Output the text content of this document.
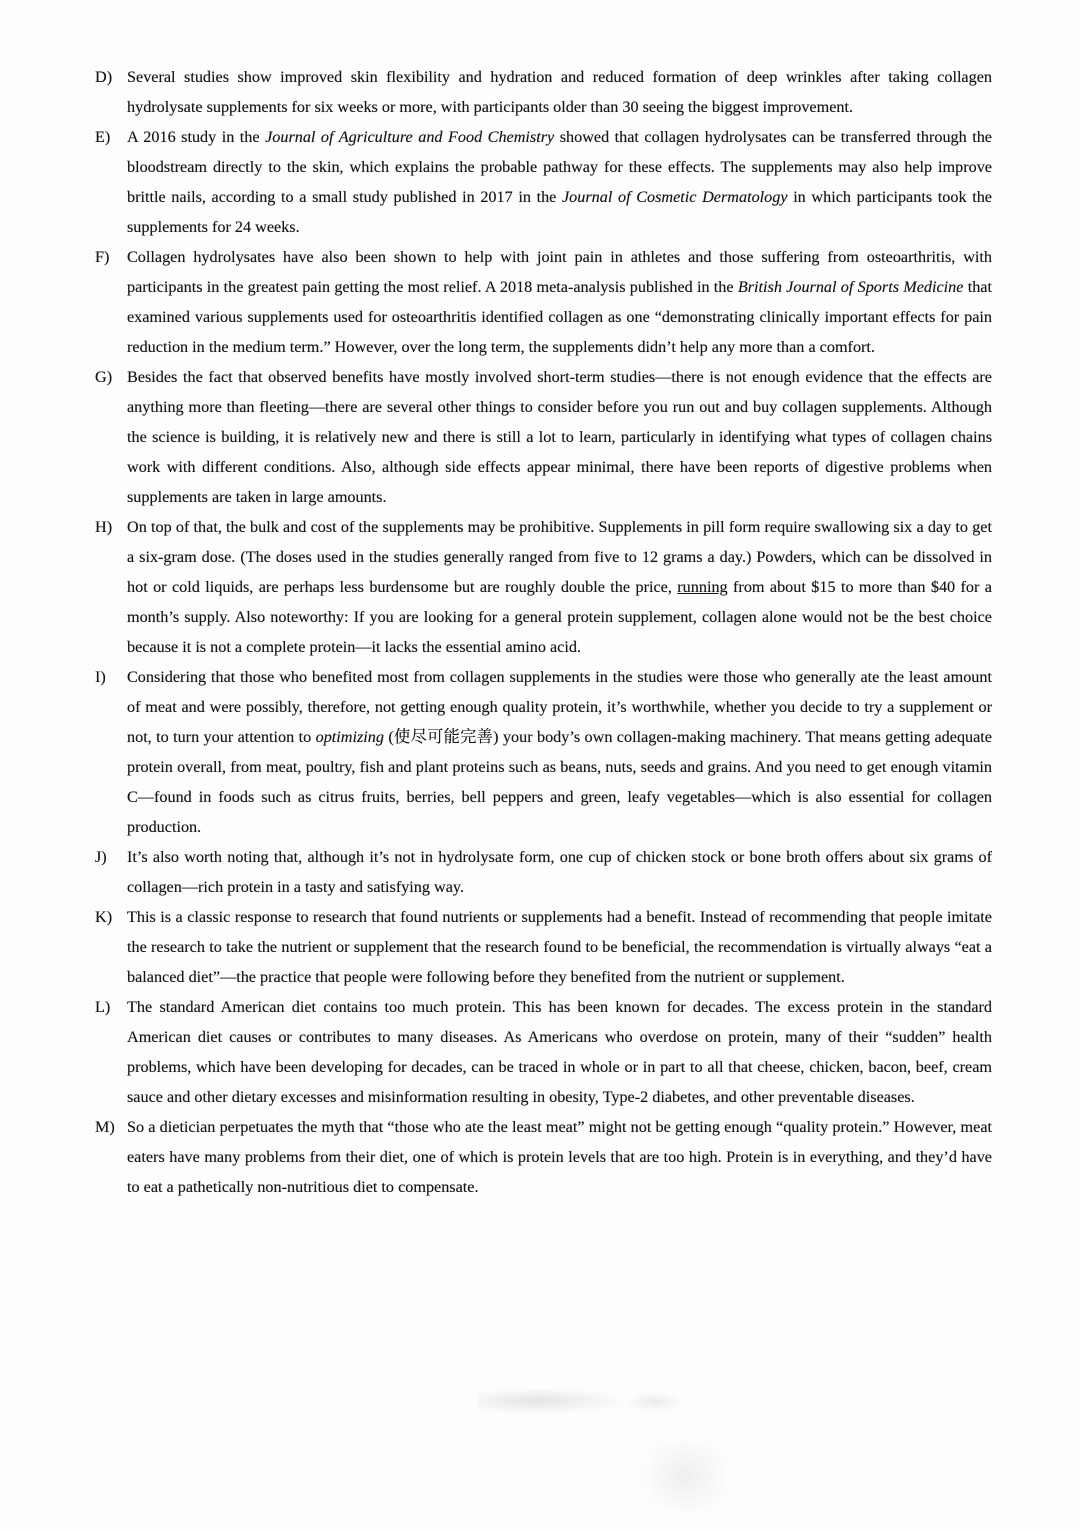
D) Several studies show improved skin flexibility and hydration and reduced formation of deep wrinkles after taking collagen hydrolysate supplements for six weeks or more, with participants older than 30 seeing the biggest improvement.
E)	A 2016 study in the Journal of Agriculture and Food Chemistry showed that collagen hydrolysates can be transferred through the bloodstream directly to the skin, which explains the probable pathway for these effects. The supplements may also help improve brittle nails, according to a small study published in 2017 in the Journal of Cosmetic Dermatology in which participants took the supplements for 24 weeks.
F)	Collagen hydrolysates have also been shown to help with joint pain in athletes and those suffering from osteoarthritis, with participants in the greatest pain getting the most relief. A 2018 meta-analysis published in the British Journal of Sports Medicine that examined various supplements used for osteoarthritis identified collagen as one “demonstrating clinically important effects for pain reduction in the medium term.” However, over the long term, the supplements didn’t help any more than a comfort.
G) Besides the fact that observed benefits have mostly involved short-term studies—there is not enough evidence that the effects are anything more than fleeting—there are several other things to consider before you run out and buy collagen supplements. Although the science is building, it is relatively new and there is still a lot to learn, particularly in identifying what types of collagen chains work with different conditions. Also, although side effects appear minimal, there have been reports of digestive problems when supplements are taken in large amounts.
H) On top of that, the bulk and cost of the supplements may be prohibitive. Supplements in pill form require swallowing six a day to get a six-gram dose. (The doses used in the studies generally ranged from five to 12 grams a day.) Powders, which can be dissolved in hot or cold liquids, are perhaps less burdensome but are roughly double the price, running from about $15 to more than $40 for a month’s supply. Also noteworthy: If you are looking for a general protein supplement, collagen alone would not be the best choice because it is not a complete protein—it lacks the essential amino acid.
I)	Considering that those who benefited most from collagen supplements in the studies were those who generally ate the least amount of meat and were possibly, therefore, not getting enough quality protein, it’s worthwhile, whether you decide to try a supplement or not, to turn your attention to optimizing (使尽可能完善) your body’s own collagen-making machinery. That means getting adequate protein overall, from meat, poultry, fish and plant proteins such as beans, nuts, seeds and grains. And you need to get enough vitamin C—found in foods such as citrus fruits, berries, bell peppers and green, leafy vegetables—which is also essential for collagen production.
J)	It’s also worth noting that, although it’s not in hydrolysate form, one cup of chicken stock or bone broth offers about six grams of collagen—rich protein in a tasty and satisfying way.
K) This is a classic response to research that found nutrients or supplements had a benefit. Instead of recommending that people imitate the research to take the nutrient or supplement that the research found to be beneficial, the recommendation is virtually always “eat a balanced diet”—the practice that people were following before they benefited from the nutrient or supplement.
L)	The standard American diet contains too much protein. This has been known for decades. The excess protein in the standard American diet causes or contributes to many diseases. As Americans who overdose on protein, many of their “sudden” health problems, which have been developing for decades, can be traced in whole or in part to all that cheese, chicken, bacon, beef, cream sauce and other dietary excesses and misinformation resulting in obesity, Type-2 diabetes, and other preventable diseases.
M) So a dietician perpetuates the myth that “those who ate the least meat” might not be getting enough “quality protein.” However, meat eaters have many problems from their diet, one of which is protein levels that are too high. Protein is in everything, and they’d have to eat a pathetically non-nutritious diet to compensate.
